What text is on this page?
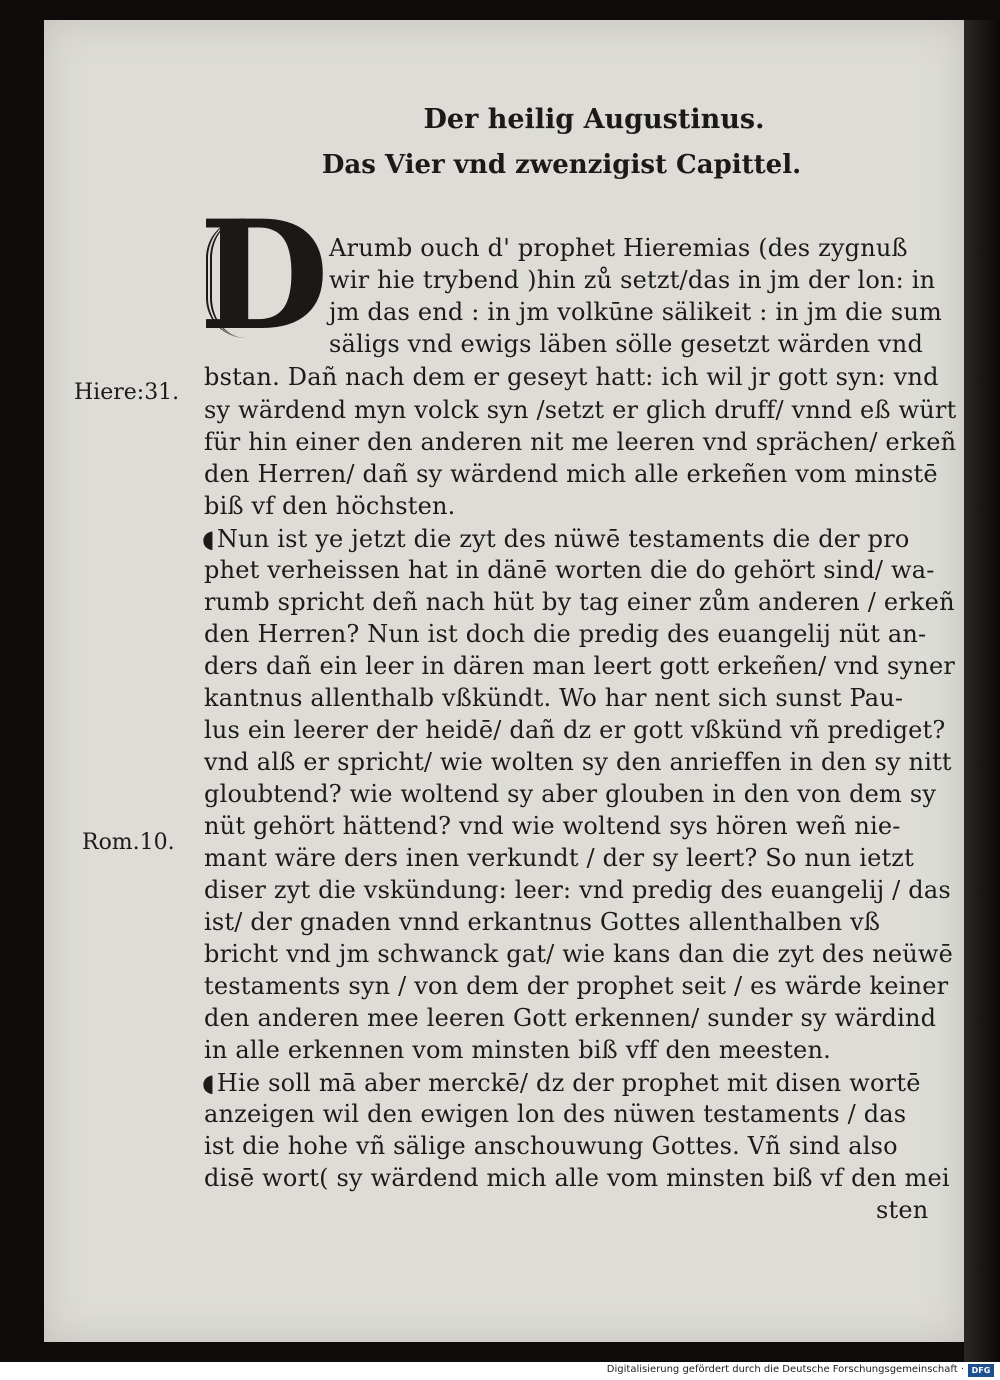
Der heilig Augustinus.
Das Vier vnd zwenzigist Capittel.
D Arumb ouch d' prophet Hieremias (des zygnuß
wir hie trybend )hin zů setzt/das in jm der lon: in
jm das end : in jm volkūne sälikeit : in jm die sum
säligs vnd ewigs läben sölle gesetzt wärden vnd
bstan. Dañ nach dem er geseyt hatt: ich wil jr gott syn: vnd
sy wärdend myn volck syn /setzt er glich druff/ vnnd eß würt
für hin einer den anderen nit me leeren vnd sprächen/ erkeñ
den Herren/ dañ sy wärdend mich alle erkeñen vom minstē
biß vf den höchsten.
◖Nun ist ye jetzt die zyt des nüwē testaments die der pro
phet verheissen hat in dänē worten die do gehört sind/ wa-
rumb spricht deñ nach hüt by tag einer zům anderen / erkeñ
den Herren? Nun ist doch die predig des euangelij nüt an-
ders dañ ein leer in dären man leert gott erkeñen/ vnd syner
kantnus allenthalb vßkündt. Wo har nent sich sunst Pau-
lus ein leerer der heidē/ dañ dz er gott vßkünd vñ prediget?
vnd alß er spricht/ wie wolten sy den anrieffen in den sy nitt
gloubtend? wie woltend sy aber glouben in den von dem sy
nüt gehört hättend? vnd wie woltend sys hören weñ nie-
mant wäre ders inen verkundt / der sy leert? So nun ietzt
diser zyt die vskündung: leer: vnd predig des euangelij / das
ist/ der gnaden vnnd erkantnus Gottes allenthalben vß
bricht vnd jm schwanck gat/ wie kans dan die zyt des neüwē
testaments syn / von dem der prophet seit / es wärde keiner
den anderen mee leeren Gott erkennen/ sunder sy wärdind
in alle erkennen vom minsten biß vff den meesten.
◖Hie soll mā aber merckē/ dz der prophet mit disen wortē
anzeigen wil den ewigen lon des nüwen testaments / das
ist die hohe vñ sälige anschouwung Gottes. Vñ sind also
disē wort( sy wärdend mich alle vom minsten biß vf den mei
sten
Hiere:31.
Rom.10.
Digitalisierung gefördert durch die Deutsche Forschungsgemeinschaft · DFG
